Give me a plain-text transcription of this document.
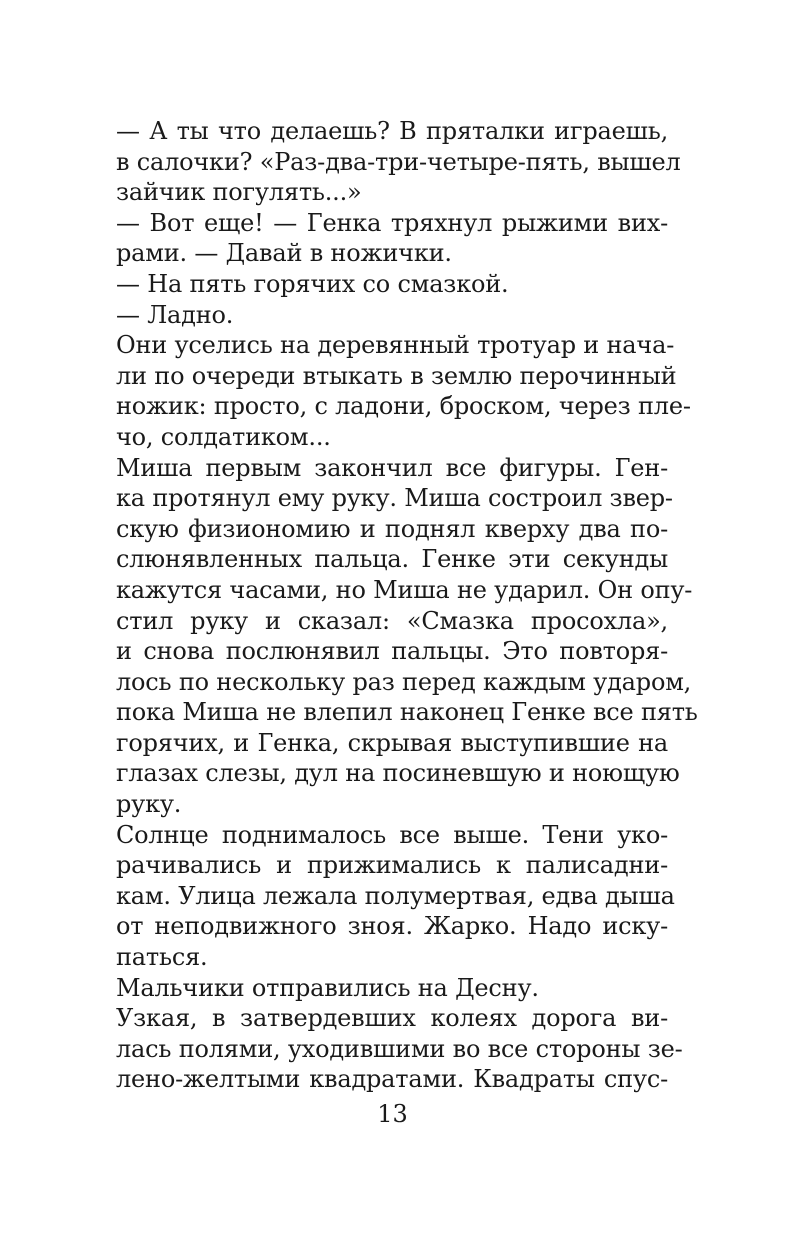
— А ты что делаешь? В пряталки играешь,
в салочки? «Раз-два-три-четыре-пять, вышел
зайчик погулять...»
— Вот еще! — Генка тряхнул рыжими вих-
рами. — Давай в ножички.
— На пять горячих со смазкой.
— Ладно.
Они уселись на деревянный тротуар и нача-
ли по очереди втыкать в землю перочинный
ножик: просто, с ладони, броском, через пле-
чо, солдатиком...
Миша первым закончил все фигуры. Ген-
ка протянул ему руку. Миша состроил звер-
скую физиономию и поднял кверху два по-
слюнявленных пальца. Генке эти секунды
кажутся часами, но Миша не ударил. Он опу-
стил руку и сказал: «Смазка просохла»,
и снова послюнявил пальцы. Это повторя-
лось по нескольку раз перед каждым ударом,
пока Миша не влепил наконец Генке все пять
горячих, и Генка, скрывая выступившие на
глазах слезы, дул на посиневшую и ноющую
руку.
Солнце поднималось все выше. Тени уко-
рачивались и прижимались к палисадни-
кам. Улица лежала полумертвая, едва дыша
от неподвижного зноя. Жарко. Надо иску-
паться.
Мальчики отправились на Десну.
Узкая, в затвердевших колеях дорога ви-
лась полями, уходившими во все стороны зе-
лено-желтыми квадратами. Квадраты спус-
13
